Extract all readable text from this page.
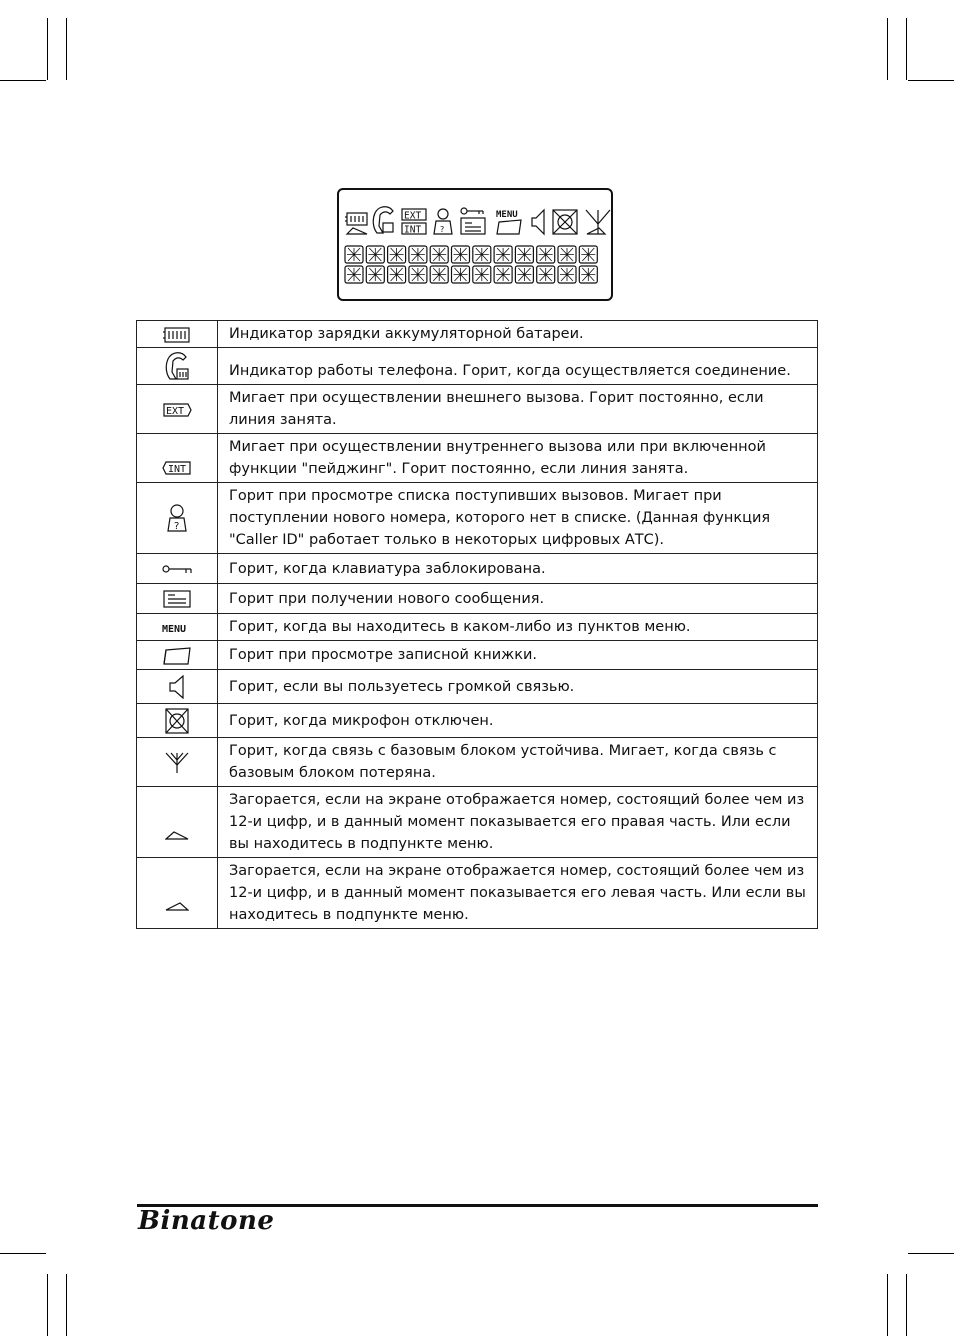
EXT
INT ?
MENU
	Индикатор зарядки аккумуляторной батареи.
	Индикатор работы телефона. Горит, когда осуществляется соединение.

EXT	Мигает при осуществлении внешнего вызова. Горит постоянно, если линия занята.

INT	Мигает при осуществлении внутреннего вызова или при включенной функции "пейджинг". Горит постоянно, если линия занята.

?	Горит при просмотре списка поступивших вызовов. Мигает при поступлении нового номера, которого нет в списке. (Данная функция "Caller ID" работает только в некоторых цифровых АТС).
	Горит, когда клавиатура заблокирована.
	Горит при получении нового сообщения.

MENU	Горит, когда вы находитесь в каком-либо из пунктов меню.
	Горит при просмотре записной книжки.
	Горит, если вы пользуетесь громкой связью.
	Горит, когда микрофон отключен.
	Горит, когда связь с базовым блоком устойчива. Мигает, когда связь с базовым блоком потеряна.
	Загорается, если на экране отображается номер, состоящий более чем из 12-и цифр, и в данный момент показывается его правая часть. Или если вы находитесь в подпункте меню.
	Загорается, если на экране отображается номер, состоящий более чем из 12-и цифр, и в данный момент показывается его левая часть. Или если вы находитесь в подпункте меню.
Binatone
